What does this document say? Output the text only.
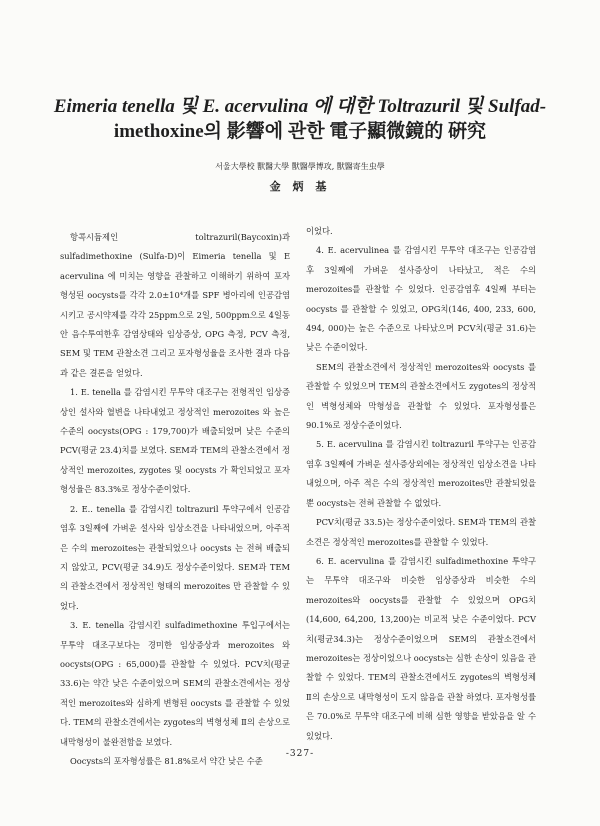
Eimeria tenella 및 E. acervulina 에 대한 Toltrazuril 및 Sulfad-
imethoxine의 影響에 관한 電子顯微鏡的 硏究
서울大學校 獸醫大學 獸醫學博攻, 獸醫寄生虫學
金 炳 基

항콕시듐제인 toltrazuril(Baycoxin)과 sulfadimethoxine (Sulfa-D)이 Eimeria tenella 및 E acervulina 에 미치는 영향을 관찰하고 이해하기 위하여 포자형성된 oocysts를 각각 2.0±10⁴개를 SPF 병아리에 인공감염시키고 공시약제를 각각 25ppm으로 2일, 500ppm으로 4일동안 음수투여한후 감염상태와 임상증상, OPG 측정, PCV 측정, SEM 및 TEM 관찰소견 그리고 포자형성율을 조사한 결과 다음과 같은 결론을 얻었다.

1. E. tenella 를 감염시킨 무투약 대조구는 전형적인 임상증상인 설사와 혈변을 나타내었고 정상적인 merozoites 와 높은 수준의 oocysts(OPG : 179,700)가 배출되었며 낮은 수준의 PCV(평균 23.4)치를 보였다. SEM과 TEM의 관찰소견에서 정상적인 merozoites, zygotes 및 oocysts 가 확인되었고 포자형성율은 83.3%로 정상수준이었다.

2. E.. tenella 를 감염시킨 toltrazuril 투약구에서 인공감염후 3일째에 가벼운 설사와 임상소견을 나타내었으며, 아주적은 수의 merozoites는 관찰되었으나 oocysts 는 전혀 배출되지 않았고, PCV(평균 34.9)도 정상수준이었다. SEM과 TEM의 관찰소견에서 정상적인 형태의 merozoites 만 관찰할 수 있었다.

3. E. tenella 감염시킨 sulfadimethoxine 투입구에서는 무투약 대조구보다는 경미한 임상증상과 merozoites 와 oocysts(OPG : 65,000)를 관찰할 수 있었다. PCV치(평균 33.6)는 약간 낮은 수준이었으며 SEM의 관찰소견에서는 정상적인 merozoites와 심하게 변형된 oocysts 를 관찰할 수 있었다. TEM의 관찰소견에서는 zygotes의 벽형성체 Ⅱ의 손상으로 내막형성이 불완전함을 보였다.

Oocysts의 포자형성률은 81.8%로서 약간 낮은 수준

이었다.

4. E. acervulinea 를 감염시킨 무투약 대조구는 인공감염후 3일째에 가벼운 설사증상이 나타났고, 적은 수의 merozoites를 관찰할 수 있었다. 인공감염후 4일째 부터는 oocysts 를 관찰할 수 있었고, OPG치(146, 400, 233, 600, 494, 000)는 높은 수준으로 나타났으며 PCV치(평균 31.6)는 낮은 수준이었다.

SEM의 관찰소견에서 정상적인 merozoites와 oocysts 를 관찰할 수 있었으며 TEM의 관찰소견에서도 zygotes의 정상적인 벽형성체와 막형성을 관찰할 수 있었다. 포자형성률은 90.1%로 정상수준이었다.

5. E. acervulina 를 감염시킨 toltrazuril 투약구는 인공감염후 3일째에 가벼운 설사증상외에는 정상적인 임상소견을 나타내었으며, 아주 적은 수의 정상적인 merozoites만 관찰되었을 뿐 oocysts는 전혀 관찰할 수 없었다.

PCV치(평균 33.5)는 정상수준이었다. SEM과 TEM의 관찰소견은 정상적인 merozoites를 관찰할 수 있었다.

6. E. acervulina 를 감염시킨 sulfadimethoxine 투약구는 무투약 대조구와 비슷한 임상증상과 비슷한 수의 merozoites와 oocysts를 관찰할 수 있었으며 OPG치(14,600, 64,200, 13,200)는 비교적 낮은 수준이었다. PCV치(평균34.3)는 정상수준이었으며 SEM의 관찰소견에서 merozoites는 정상이었으나 oocysts는 심한 손상이 있음을 관찰할 수 있었다. TEM의 관찰소견에서도 zygotes의 벽형성체 Ⅱ의 손상으로 내막형성이 도지 않음을 관찰 하였다. 포자형성률은 70.0%로 무투약 대조구에 비해 심한 영향을 받았음을 알 수 있었다.

-327-
